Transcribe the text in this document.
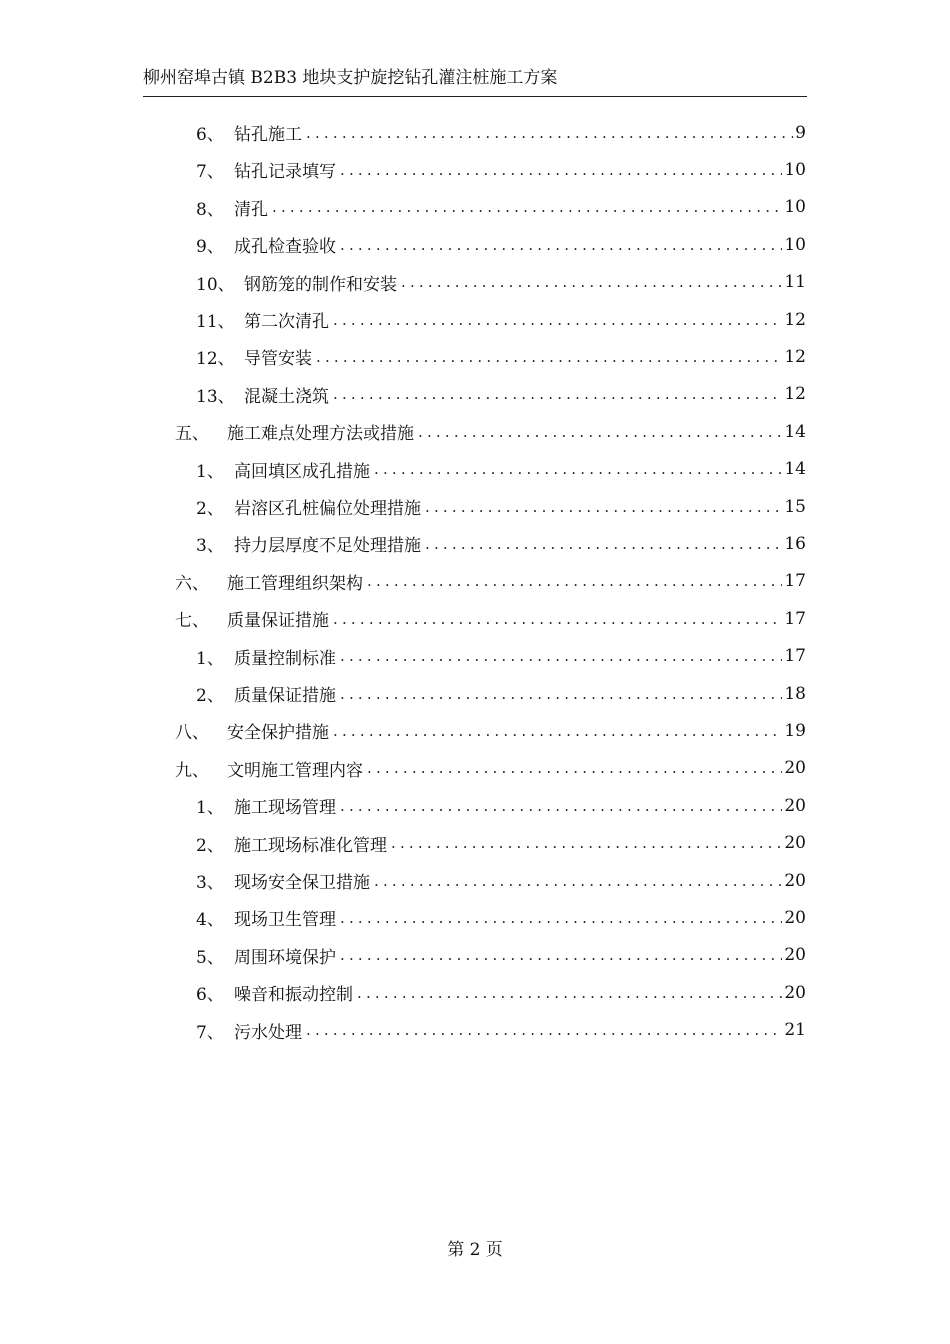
柳州窑埠古镇 B2B3 地块支护旋挖钻孔灌注桩施工方案
6、 钻孔施工 .....	9
7、 钻孔记录填写 .....	10
8、 清孔 .....	10
9、 成孔检查验收 .....	10
10、 钢筋笼的制作和安装 .....	11
11、 第二次清孔 .....	12
12、 导管安装 .....	12
13、 混凝土浇筑 .....	12
五、	施工难点处理方法或措施 .....	14
1、 高回填区成孔措施 .....	14
2、 岩溶区孔桩偏位处理措施 .....	15
3、 持力层厚度不足处理措施 .....	16
六、	施工管理组织架构 .....	17
七、	质量保证措施 .....	17
1、 质量控制标准 .....	17
2、 质量保证措施 .....	18
八、	安全保护措施 .....	19
九、	文明施工管理内容 .....	20
1、 施工现场管理 .....	20
2、 施工现场标准化管理 .....	20
3、 现场安全保卫措施 .....	20
4、 现场卫生管理 .....	20
5、 周围环境保护 .....	20
6、 噪音和振动控制 .....	20
7、 污水处理 .....	21
第 2 页
